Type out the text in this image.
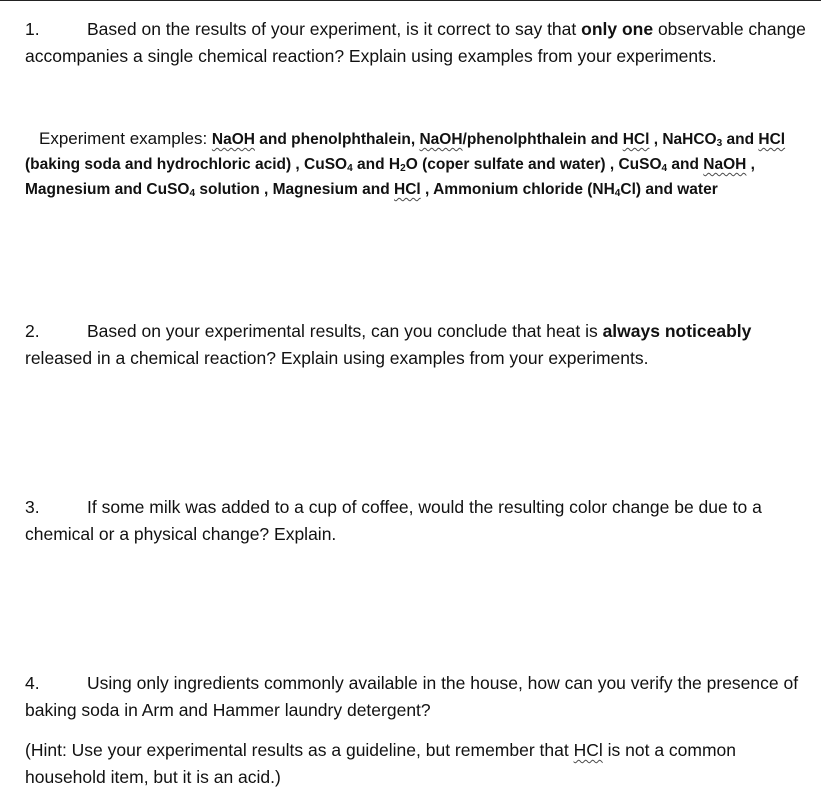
1.	Based on the results of your experiment, is it correct to say that only one observable change accompanies a single chemical reaction? Explain using examples from your experiments.

Experiment examples: NaOH and phenolphthalein, NaOH/phenolphthalein and HCl , NaHCO$_3$ and HCl (baking soda and hydrochloric acid) , CuSO$_4$ and $H_2O$ (coper sulfate and water) , CuSO$_4$ and NaOH , Magnesium and CuSO$_4$ solution , Magnesium and HCl , Ammonium chloride $(NH_4Cl)$ and water

2.	Based on your experimental results, can you conclude that heat is always noticeably released in a chemical reaction? Explain using examples from your experiments.

3.	If some milk was added to a cup of coffee, would the resulting color change be due to a chemical or a physical change? Explain.

4.	Using only ingredients commonly available in the house, how can you verify the presence of baking soda in Arm and Hammer laundry detergent?

(Hint: Use your experimental results as a guideline, but remember that HCl is not a common household item, but it is an acid.)
